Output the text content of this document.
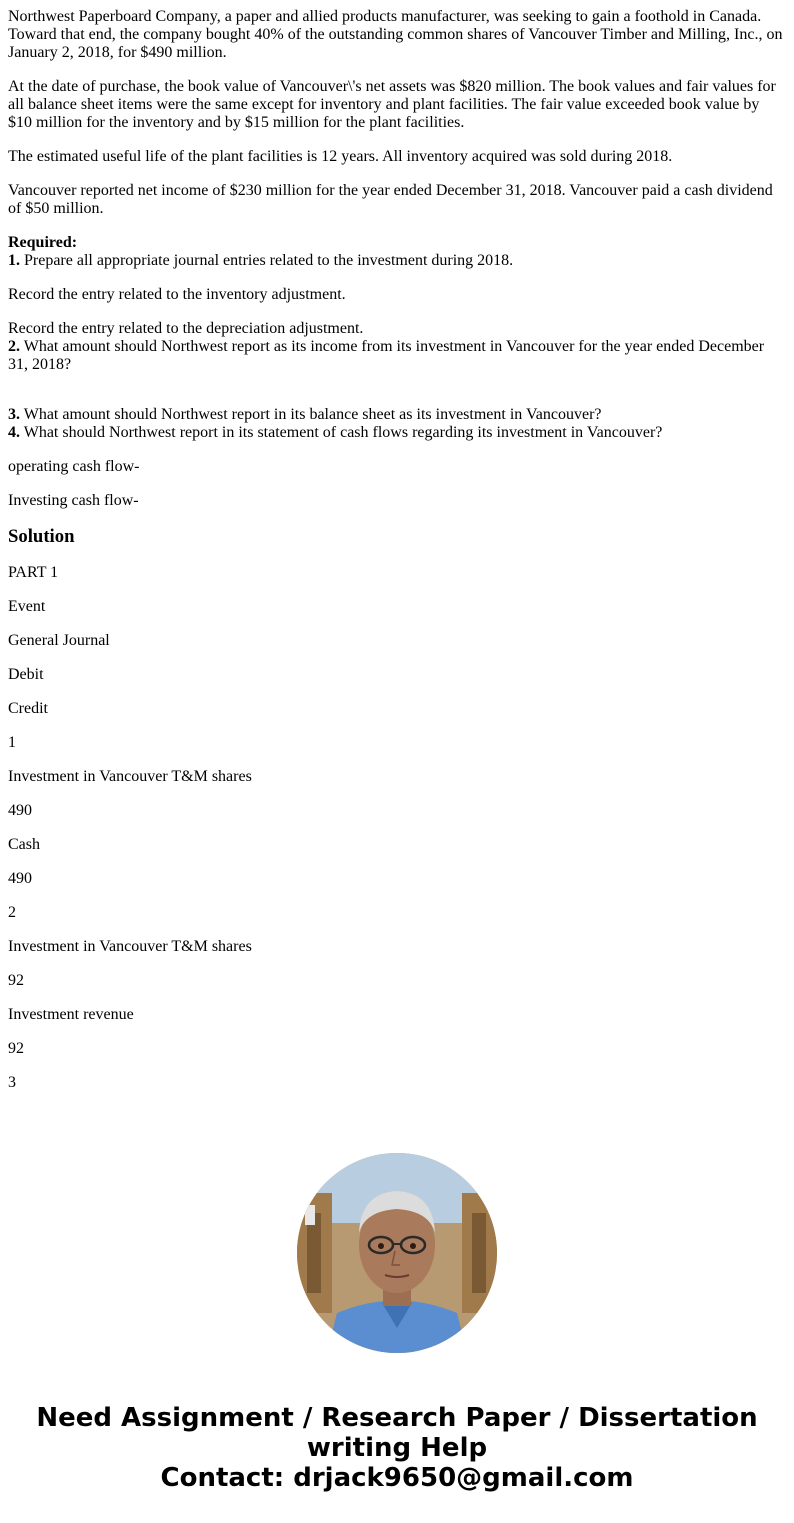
Northwest Paperboard Company, a paper and allied products manufacturer, was seeking to gain a foothold in Canada. Toward that end, the company bought 40% of the outstanding common shares of Vancouver Timber and Milling, Inc., on January 2, 2018, for $490 million.

At the date of purchase, the book value of Vancouver\'s net assets was $820 million. The book values and fair values for all balance sheet items were the same except for inventory and plant facilities. The fair value exceeded book value by $10 million for the inventory and by $15 million for the plant facilities.

The estimated useful life of the plant facilities is 12 years. All inventory acquired was sold during 2018.

Vancouver reported net income of $230 million for the year ended December 31, 2018. Vancouver paid a cash dividend of $50 million.

Required:
1. Prepare all appropriate journal entries related to the investment during 2018.
Record the entry related to the inventory adjustment.
Record the entry related to the depreciation adjustment.
2. What amount should Northwest report as its income from its investment in Vancouver for the year ended December 31, 2018?
3. What amount should Northwest report in its balance sheet as its investment in Vancouver?
4. What should Northwest report in its statement of cash flows regarding its investment in Vancouver?
operating cash flow-
Investing cash flow-
Solution

PART 1

Event

General Journal

Debit

Credit

1

Investment in Vancouver T&M shares

490

Cash

490

2

Investment in Vancouver T&M shares

92

Investment revenue

92

3

Need Assignment / Research Paper / Dissertation
writing Help
Contact: drjack9650@gmail.com
